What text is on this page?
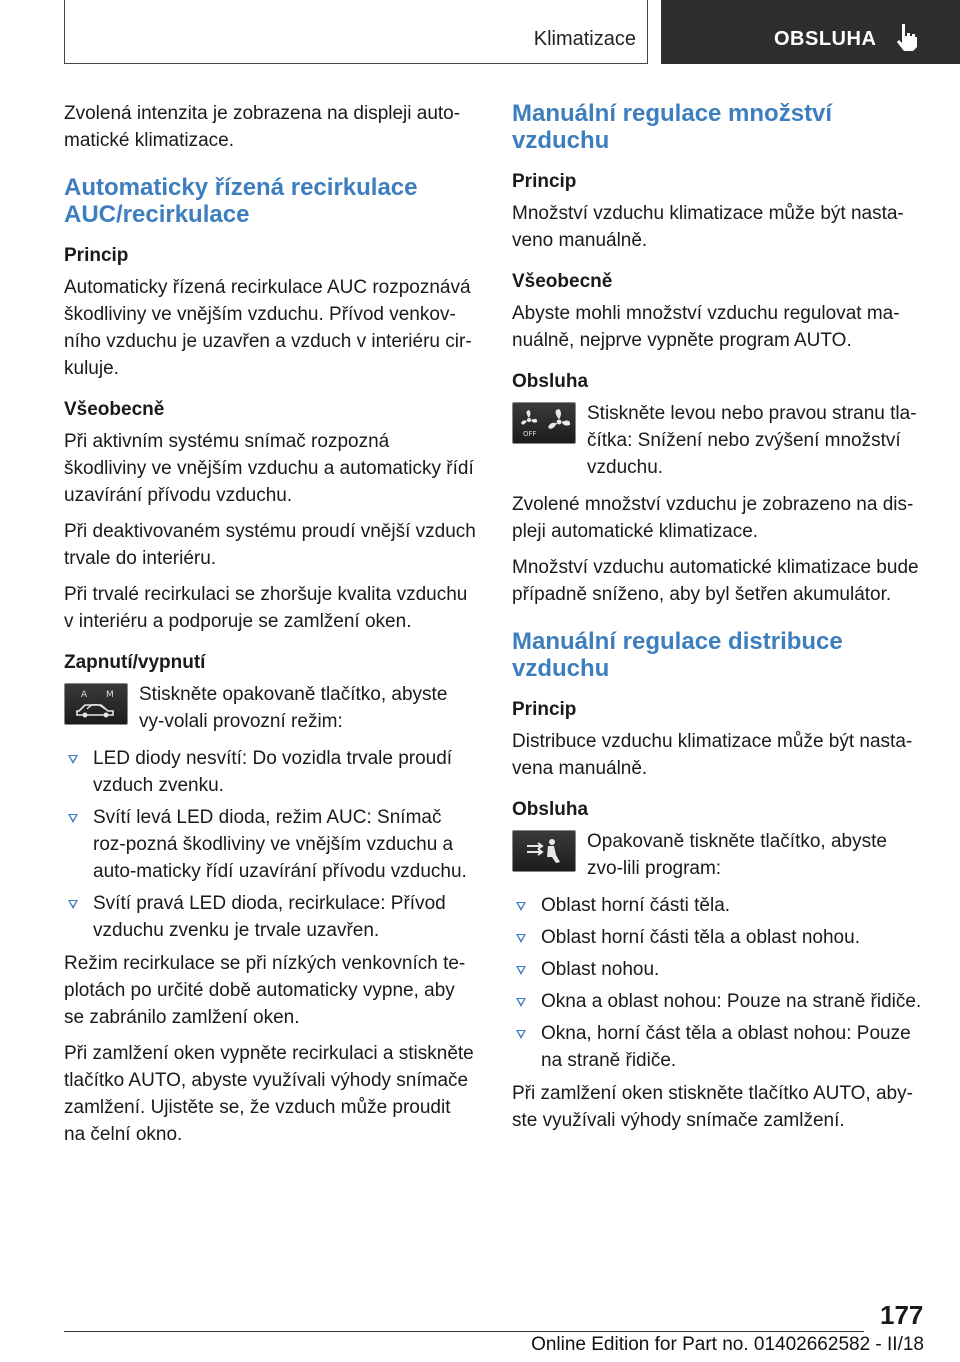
Klimatizace	OBSLUHA

Zvolená intenzita je zobrazena na displeji auto-matické klimatizace.

Automaticky řízená recirkulace AUC/recirkulace
Princip

Automaticky řízená recirkulace AUC rozpoznává škodliviny ve vnějším vzduchu. Přívod venkov-ního vzduchu je uzavřen a vzduch v interiéru cir-kuluje.

Všeobecně

Při aktivním systému snímač rozpozná škodliviny ve vnějším vzduchu a automaticky řídí uzavírání přívodu vzduchu.

Při deaktivovaném systému proudí vnější vzduch trvale do interiéru.

Při trvalé recirkulaci se zhoršuje kvalita vzduchu v interiéru a podporuje se zamlžení oken.

Zapnutí/vypnutí
A M Stiskněte opakovaně tlačítko, abyste vy-volali provozní režim:

LED diody nesvítí: Do vozidla trvale proudí vzduch zvenku.
Svítí levá LED dioda, režim AUC: Snímač roz-pozná škodliviny ve vnějším vzduchu a auto-maticky řídí uzavírání přívodu vzduchu.
Svítí pravá LED dioda, recirkulace: Přívod vzduchu zvenku je trvale uzavřen.

Režim recirkulace se při nízkých venkovních te-plotách po určité době automaticky vypne, aby se zabránilo zamlžení oken.

Při zamlžení oken vypněte recirkulaci a stiskněte tlačítko AUTO, abyste využívali výhody snímače zamlžení. Ujistěte se, že vzduch může proudit na čelní okno.

Manuální regulace množství vzduchu
Princip

Množství vzduchu klimatizace může být nasta-veno manuálně.

Všeobecně

Abyste mohli množství vzduchu regulovat ma-nuálně, nejprve vypněte program AUTO.

Obsluha
OFF

Stiskněte levou nebo pravou stranu tla-čítka: Snížení nebo zvýšení množství vzduchu.

Zvolené množství vzduchu je zobrazeno na dis-pleji automatické klimatizace.

Množství vzduchu automatické klimatizace bude případně sníženo, aby byl šetřen akumulátor.

Manuální regulace distribuce vzduchu
Princip

Distribuce vzduchu klimatizace může být nasta-vena manuálně.

Obsluha

Opakovaně tiskněte tlačítko, abyste zvo-lili program:

Oblast horní části těla.
Oblast horní části těla a oblast nohou.
Oblast nohou.
Okna a oblast nohou: Pouze na straně řidiče.
Okna, horní část těla a oblast nohou: Pouze na straně řidiče.

Při zamlžení oken stiskněte tlačítko AUTO, aby-ste využívali výhody snímače zamlžení.

177
Online Edition for Part no. 01402662582 - II/18
